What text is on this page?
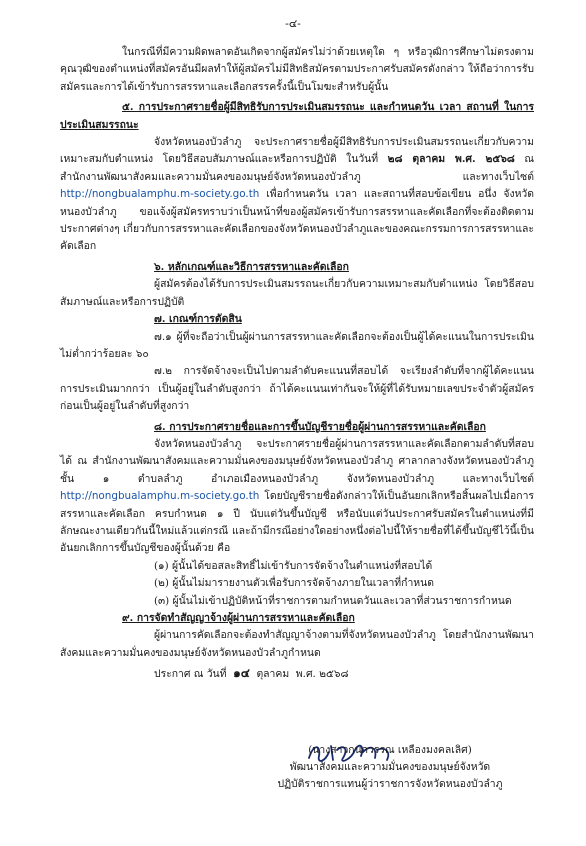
-๔-

ในกรณีที่มีความผิดพลาดอันเกิดจากผู้สมัครไม่ว่าด้วยเหตุใด ๆ หรือวุฒิการศึกษาไม่ตรงตามคุณวุฒิของตำแหน่งที่สมัครอันมีผลทำให้ผู้สมัครไม่มีสิทธิสมัครตามประกาศรับสมัครดังกล่าว ให้ถือว่าการรับสมัครและการได้เข้ารับการสรรหาและเลือกสรรครั้งนี้เป็นโมฆะสำหรับผู้นั้น

๕. การประกาศรายชื่อผู้มีสิทธิรับการประเมินสมรรถนะ และกำหนดวัน เวลา สถานที่ ในการประเมินสมรรถนะ

จังหวัดหนองบัวลำภู จะประกาศรายชื่อผู้มีสิทธิรับการประเมินสมรรถนะเกี่ยวกับความเหมาะสมกับตำแหน่ง โดยวิธีสอบสัมภาษณ์และหรือการปฏิบัติ ในวันที่ ๒๘ ตุลาคม พ.ศ. ๒๕๖๘ ณ สำนักงานพัฒนาสังคมและความมั่นคงของมนุษย์จังหวัดหนองบัวลำภู และทางเว็บไซต์ http://nongbualamphu.m-society.go.th เพื่อกำหนดวัน เวลา และสถานที่สอบข้อเขียน อนึ่ง จังหวัดหนองบัวลำภู ขอแจ้งผู้สมัครทราบว่าเป็นหน้าที่ของผู้สมัครเข้ารับการสรรหาและคัดเลือกที่จะต้องติดตามประกาศต่างๆ เกี่ยวกับการสรรหาและคัดเลือกของจังหวัดหนองบัวลำภูและของคณะกรรมการการสรรหาและคัดเลือก

๖. หลักเกณฑ์และวิธีการสรรหาและคัดเลือก

ผู้สมัครต้องได้รับการประเมินสมรรถนะเกี่ยวกับความเหมาะสมกับตำแหน่ง โดยวิธีสอบสัมภาษณ์และหรือการปฏิบัติ

๗. เกณฑ์การตัดสิน

๗.๑ ผู้ที่จะถือว่าเป็นผู้ผ่านการสรรหาและคัดเลือกจะต้องเป็นผู้ได้คะแนนในการประเมินไม่ต่ำกว่าร้อยละ ๖๐

๗.๒ การจัดจ้างจะเป็นไปตามลำดับคะแนนที่สอบได้ จะเรียงลำดับที่จากผู้ได้คะแนนการประเมินมากกว่า เป็นผู้อยู่ในลำดับสูงกว่า ถ้าได้คะแนนเท่ากันจะให้ผู้ที่ได้รับหมายเลขประจำตัวผู้สมัครก่อนเป็นผู้อยู่ในลำดับที่สูงกว่า

๘. การประกาศรายชื่อและการขึ้นบัญชีรายชื่อผู้ผ่านการสรรหาและคัดเลือก

จังหวัดหนองบัวลำภู จะประกาศรายชื่อผู้ผ่านการสรรหาและคัดเลือกตามลำดับที่สอบได้ ณ สำนักงานพัฒนาสังคมและความมั่นคงของมนุษย์จังหวัดหนองบัวลำภู ศาลากลางจังหวัดหนองบัวลำภู ชั้น ๑ ตำบลลำภู อำเภอเมืองหนองบัวลำภู จังหวัดหนองบัวลำภู และทางเว็บไซต์ http://nongbualamphu.m-society.go.th โดยบัญชีรายชื่อดังกล่าวให้เป็นอันยกเลิกหรือสิ้นผลไปเมื่อการสรรหาและคัดเลือก ครบกำหนด ๑ ปี นับแต่วันขึ้นบัญชี หรือนับแต่วันประกาศรับสมัครในตำแหน่งที่มีลักษณะงานเดียวกันนี้ใหม่แล้วแต่กรณี และถ้ามีกรณีอย่างใดอย่างหนึ่งต่อไปนี้ให้รายชื่อที่ได้ขึ้นบัญชีไว้นี้เป็นอันยกเลิกการขึ้นบัญชีของผู้นั้นด้วย คือ

(๑) ผู้นั้นได้ขอสละสิทธิ์ไม่เข้ารับการจัดจ้างในตำแหน่งที่สอบได้

(๒) ผู้นั้นไม่มารายงานตัวเพื่อรับการจัดจ้างภายในเวลาที่กำหนด

(๓) ผู้นั้นไม่เข้าปฏิบัติหน้าที่ราชการตามกำหนดวันและเวลาที่ส่วนราชการกำหนด

๙. การจัดทำสัญญาจ้างผู้ผ่านการสรรหาและคัดเลือก

ผู้ผ่านการคัดเลือกจะต้องทำสัญญาจ้างตามที่จังหวัดหนองบัวลำภู โดยสำนักงานพัฒนาสังคมและความมั่นคงของมนุษย์จังหวัดหนองบัวลำภูกำหนด

ประกาศ ณ วันที่ ๑๔ ตุลาคม พ.ศ. ๒๕๖๘

(นางสาวกนกวรรณ เหลืองมงคลเลิศ)
พัฒนาสังคมและความมั่นคงของมนุษย์จังหวัด
ปฏิบัติราชการแทนผู้ว่าราชการจังหวัดหนองบัวลำภู
